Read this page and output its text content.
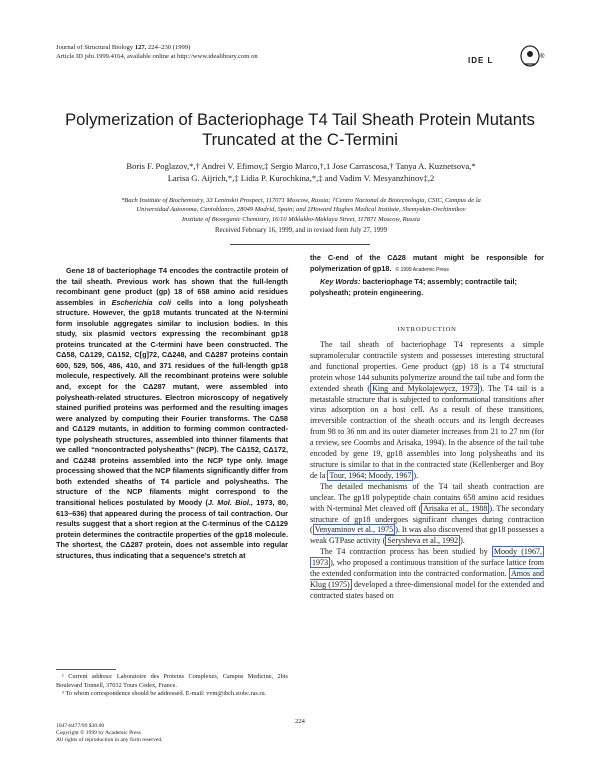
Journal of Structural Biology 127, 224–230 (1999)
Article ID jsbi.1999.4164, available online at http://www.idealibrary.com on	IDE L	®
Polymerization of Bacteriophage T4 Tail Sheath Protein Mutants
Truncated at the C-Termini
Boris F. Poglazov,*,† Andrei V. Efimov,‡ Sergio Marco,†,1 Jose Carrascosa,† Tanya A. Kuznetsova,*
Larisa G. Aijrich,*,‡ Lidia P. Kurochkina,*,‡ and Vadim V. Mesyanzhinov‡,2
*Bach Institute of Biochemistry, 33 Leninskii Prospect, 117071 Moscow, Russia; †Centro Nacional de Biotecnologia, CSIC, Campus de la
Universidad Autonoma, Cantoblanco, 28049 Madrid, Spain; and ‡Howard Hughes Medical Institute, Shemyakin-Ovchinnikov
Institute of Bioorganic Chemistry, 16/10 Miklukho-Maklaya Street, 117871 Moscow, Russia
Received February 16, 1999, and in revised form July 27, 1999
Gene 18 of bacteriophage T4 encodes the contractile protein of the tail sheath. Previous work has shown that the full-length recombinant gene product (gp) 18 of 658 amino acid residues assembles in Escherichia coli cells into a long polysheath structure. However, the gp18 mutants truncated at the N-termini form insoluble aggregates similar to inclusion bodies. In this study, six plasmid vectors expressing the recombinant gp18 proteins truncated at the C-termini have been constructed. The CΔ58, CΔ129, CΔ152, C[g]72, CΔ248, and CΔ287 proteins contain 600, 529, 506, 486, 410, and 371 residues of the full-length gp18 molecule, respectively. All the recombinant proteins were soluble and, except for the CΔ287 mutant, were assembled into polysheath-related structures. Electron microscopy of negatively stained purified proteins was performed and the resulting images were analyzed by computing their Fourier transforms. The CΔ58 and CΔ129 mutants, in addition to forming common contracted-type polysheath structures, assembled into thinner filaments that we called “noncontracted polysheaths” (NCP). The CΔ152, CΔ172, and CΔ248 proteins assembled into the NCP type only. Image processing showed that the NCP filaments significantly differ from both extended sheaths of T4 particle and polysheaths. The structure of the NCP filaments might correspond to the transitional helices postulated by Moody (J. Mol. Biol., 1973, 80, 613–636) that appeared during the process of tail contraction. Our results suggest that a short region at the C-terminus of the CΔ129 protein determines the contractile properties of the gp18 molecule. The shortest, the CΔ287 protein, does not assemble into regular structures, thus indicating that a sequence’s stretch at
the C-end of the CΔ28 mutant might be responsible for polymerization of gp18. © 1999 Academic Press
Key Words: bacteriophage T4; assembly; contractile tail; polysheath; protein engineering.
INTRODUCTION

The tail sheath of bacteriophage T4 represents a simple supramolecular contractile system and possesses interesting structural and functional properties. Gene product (gp) 18 is a T4 structural protein whose 144 subunits polymerize around the tail tube and form the extended sheath ( King and Mykolajewycz, 1973 ). The T4 tail is a metastable structure that is subjected to conformational transitions after virus adsorption on a host cell. As a result of these transitions, irreversible contraction of the sheath occurs and its length decreases from 98 to 36 nm and its outer diameter increases from 21 to 27 nm (for a review, see Coombs and Arisaka, 1994). In the absence of the tail tube encoded by gene 19, gp18 assembles into long polysheaths and its structure is similar to that in the contracted state (Kellenberger and Boy de la Tour, 1964; Moody, 1967 ).

The detailed mechanisms of the T4 tail sheath contraction are unclear. The gp18 polypeptide chain contains 658 amino acid residues with N-terminal Met cleaved off ( Arisaka et al., 1988 ). The secondary structure of gp18 undergoes significant changes during contraction ( Venyaminov et al., 1975 ). It was also discovered that gp18 possesses a weak GTPase activity ( Serysheva et al., 1992 ).

The T4 contraction process has been studied by Moody (1967, 1973 ), who proposed a continuous transition of the surface lattice from the extended conformation into the contracted conformation. Amos and Klug (1975) developed a three-dimensional model for the extended and contracted states based on

¹ Current address: Laboratoire des Proteins Complexes, Campus Medicine, 2bis Boulevard Tonnell, 37032 Tours Cedex, France.

² To whom correspondence should be addressed. E-mail: vvm@ibch.siobc.ras.ru.

224
1047-8477/99 $30.00
Copyright © 1999 by Academic Press
All rights of reproduction in any form reserved.
